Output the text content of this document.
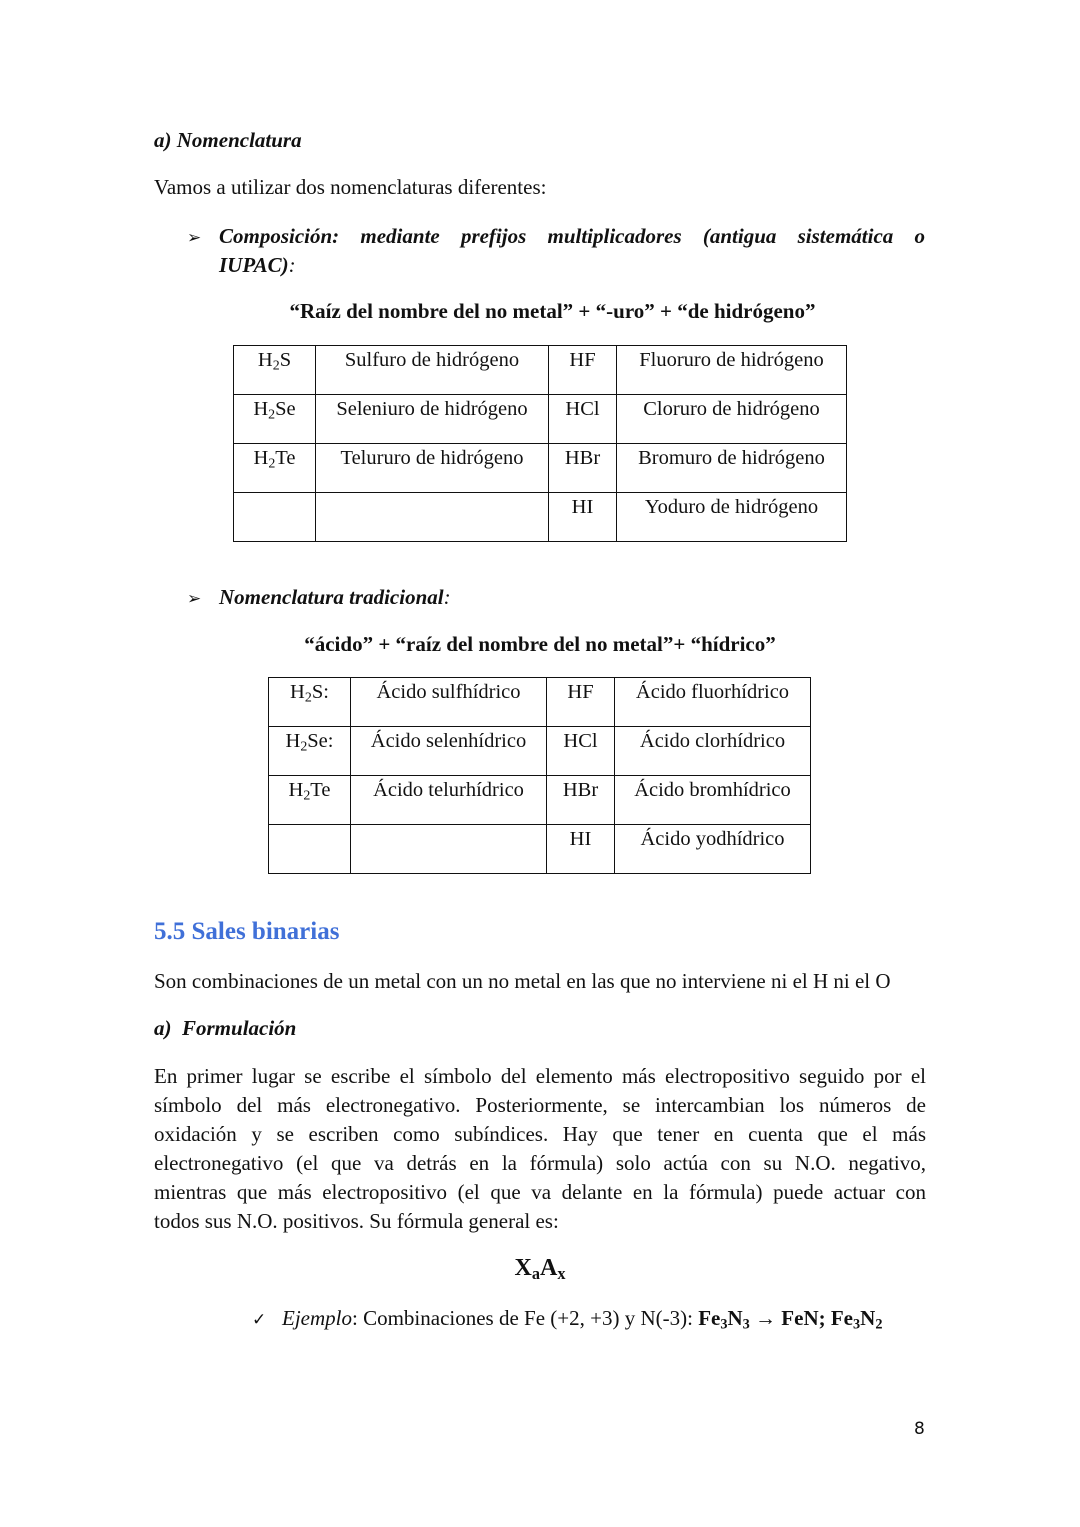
a) Nomenclatura
Vamos a utilizar dos nomenclaturas diferentes:
➢ Composición: mediante prefijos multiplicadores (antigua sistemática o
IUPAC):
“Raíz del nombre del no metal” + “-uro” + “de hidrógeno”
$H_2S$	Sulfuro de hidrógeno	HF	Fluoruro de hidrógeno
$H_2Se$	Seleniuro de hidrógeno	HCl	Cloruro de hidrógeno
$H_2Te$	Telururo de hidrógeno	HBr	Bromuro de hidrógeno
		HI	Yoduro de hidrógeno
➢ Nomenclatura tradicional:
“ácido” + “raíz del nombre del no metal”+ “hídrico”
$H_2S$:	Ácido sulfhídrico	HF	Ácido fluorhídrico
$H_2Se$:	Ácido selenhídrico	HCl	Ácido clorhídrico
$H_2Te$	Ácido telurhídrico	HBr	Ácido bromhídrico
		HI	Ácido yodhídrico
5.5 Sales binarias
Son combinaciones de un metal con un no metal en las que no interviene ni el H ni el O
a) Formulación
En primer lugar se escribe el símbolo del elemento más electropositivo seguido por el
símbolo del más electronegativo. Posteriormente, se intercambian los números de
oxidación y se escriben como subíndices. Hay que tener en cuenta que el más
electronegativo (el que va detrás en la fórmula) solo actúa con su N.O. negativo,
mientras que más electropositivo (el que va delante en la fórmula) puede actuar con
todos sus N.O. positivos. Su fórmula general es:
$X_aA_x$
✓ Ejemplo: Combinaciones de Fe (+2, +3) y N(-3): $Fe_3N_3$ → FeN; $Fe_3N_2$
8
